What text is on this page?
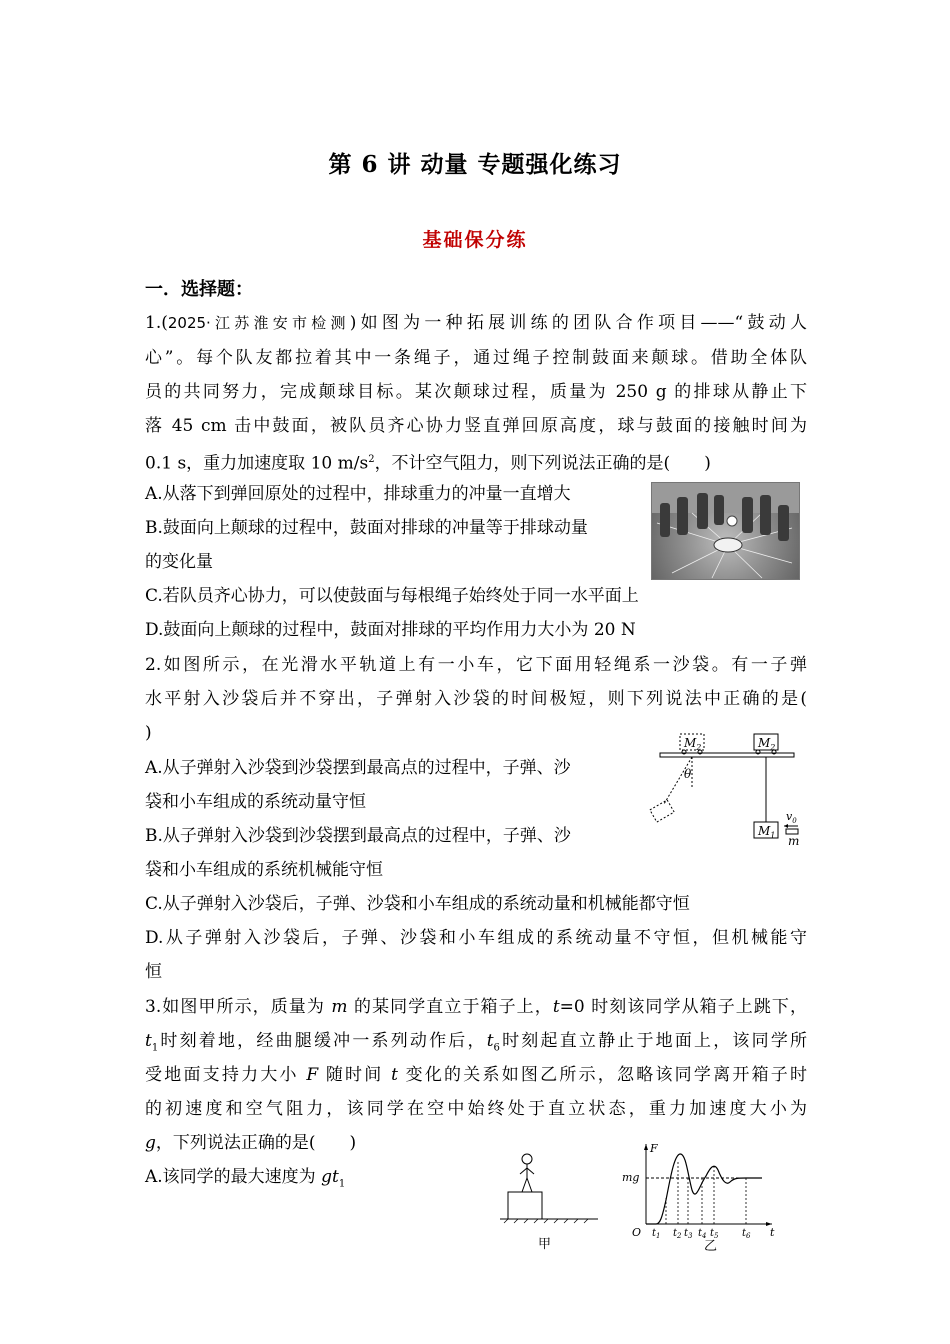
第 6 讲 动量 专题强化练习
基础保分练
一．选择题：
1.(2025·江苏淮安市检测)如图为一种拓展训练的团队合作项目——“鼓动人
心”。每个队友都拉着其中一条绳子，通过绳子控制鼓面来颠球。借助全体队
员的共同努力，完成颠球目标。某次颠球过程，质量为 250 g 的排球从静止下
落 45 cm 击中鼓面，被队员齐心协力竖直弹回原高度，球与鼓面的接触时间为
0.1 s，重力加速度取 10 $m/s^2$，不计空气阻力，则下列说法正确的是(　　)
A.从落下到弹回原处的过程中，排球重力的冲量一直增大
B.鼓面向上颠球的过程中，鼓面对排球的冲量等于排球动量
的变化量
C.若队员齐心协力，可以使鼓面与每根绳子始终处于同一水平面上
D.鼓面向上颠球的过程中，鼓面对排球的平均作用力大小为 20 N
2.如图所示，在光滑水平轨道上有一小车，它下面用轻绳系一沙袋。有一子弹
水平射入沙袋后并不穿出，子弹射入沙袋的时间极短，则下列说法中正确的是(
)
A.从子弹射入沙袋到沙袋摆到最高点的过程中，子弹、沙
袋和小车组成的系统动量守恒
B.从子弹射入沙袋到沙袋摆到最高点的过程中，子弹、沙
袋和小车组成的系统机械能守恒
C.从子弹射入沙袋后，子弹、沙袋和小车组成的系统动量和机械能都守恒
D.从子弹射入沙袋后，子弹、沙袋和小车组成的系统动量不守恒，但机械能守
恒
$M_2$	$M_2$
$M_1$
θ
$v_0$
m
3.如图甲所示，质量为 m 的某同学直立于箱子上，t=0 时刻该同学从箱子上跳下，
$t_1$时刻着地，经曲腿缓冲一系列动作后，$t_6$时刻起直立静止于地面上，该同学所
受地面支持力大小 F 随时间 t 变化的关系如图乙所示，忽略该同学离开箱子时
的初速度和空气阻力，该同学在空中始终处于直立状态，重力加速度大小为
g，下列说法正确的是(　　)
A.该同学的最大速度为 $gt_1$
甲
F
t
O
mg
$t_1$ $t_2$ $t_3$ $t_4$ $t_5$ $t_6$
乙
